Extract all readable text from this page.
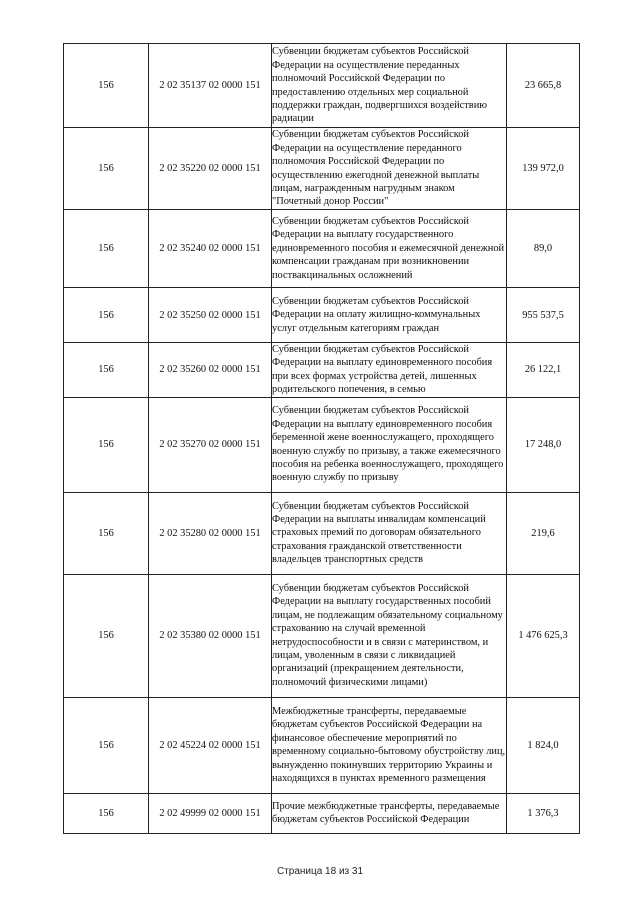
156	2 02 35137 02 0000 151	Субвенции бюджетам субъектов Российской Федерации на осуществление переданных полномочий Российской Федерации по предоставлению отдельных мер социальной поддержки граждан, подвергшихся воздействию радиации	23 665,8
156	2 02 35220 02 0000 151	Субвенции бюджетам субъектов Российской Федерации на осуществление переданного полномочия Российской Федерации по осуществлению ежегодной денежной выплаты лицам, награжденным нагрудным знаком "Почетный донор России"	139 972,0
156	2 02 35240 02 0000 151	Субвенции бюджетам субъектов Российской Федерации на выплату государственного единовременного пособия и ежемесячной денежной компенсации гражданам при возникновении поствакцинальных осложнений	89,0
156	2 02 35250 02 0000 151	Субвенции бюджетам субъектов Российской Федерации на оплату жилищно-коммунальных услуг отдельным категориям граждан	955 537,5
156	2 02 35260 02 0000 151	Субвенции бюджетам субъектов Российской Федерации на выплату единовременного пособия при всех формах устройства детей, лишенных родительского попечения, в семью	26 122,1
156	2 02 35270 02 0000 151	Субвенции бюджетам субъектов Российской Федерации на выплату единовременного пособия беременной жене военнослужащего, проходящего военную службу по призыву, а также ежемесячного пособия на ребенка военнослужащего, проходящего военную службу по призыву	17 248,0
156	2 02 35280 02 0000 151	Субвенции бюджетам субъектов Российской Федерации на выплаты инвалидам компенсаций страховых премий по договорам обязательного страхования гражданской ответственности владельцев транспортных средств	219,6
156	2 02 35380 02 0000 151	Субвенции бюджетам субъектов Российской Федерации на выплату государственных пособий лицам, не подлежащим обязательному социальному страхованию на случай временной нетрудоспособности и в связи с материнством, и лицам, уволенным в связи с ликвидацией организаций (прекращением деятельности, полномочий физическими лицами)	1 476 625,3
156	2 02 45224 02 0000 151	Межбюджетные трансферты, передаваемые бюджетам субъектов Российской Федерации на финансовое обеспечение мероприятий по временному социально-бытовому обустройству лиц, вынужденно покинувших территорию Украины и находящихся в пунктах временного размещения	1 824,0
156	2 02 49999 02 0000 151	Прочие межбюджетные трансферты, передаваемые бюджетам субъектов Российской Федерации	1 376,3
Страница 18 из 31
